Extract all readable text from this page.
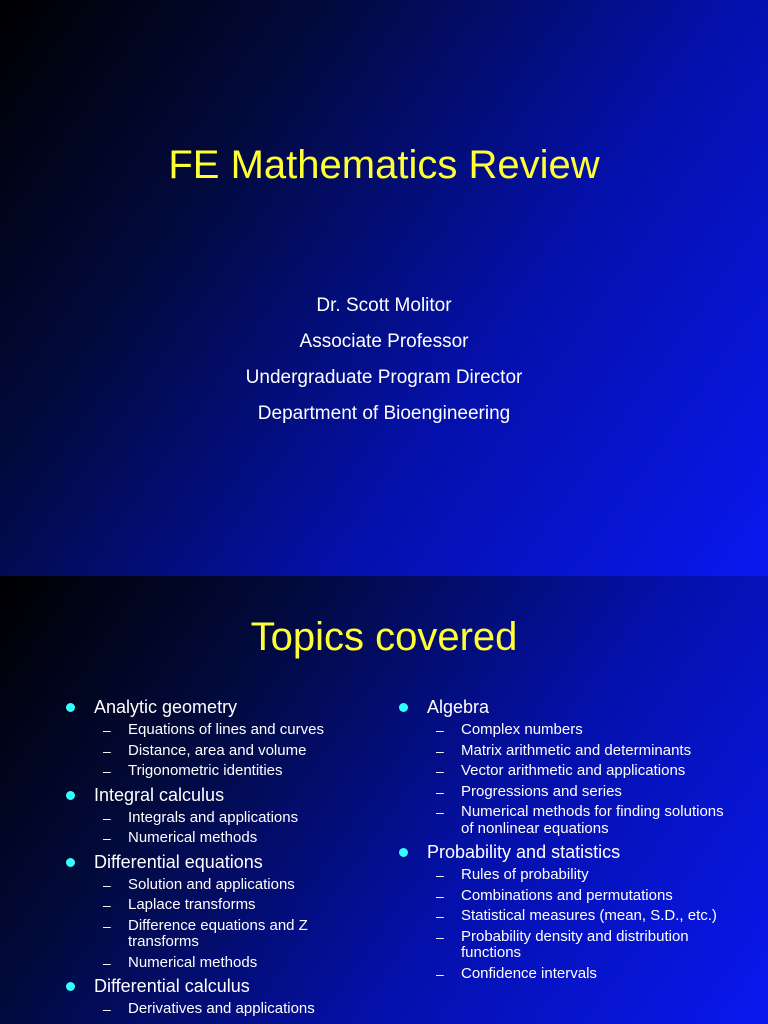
FE Mathematics Review
Dr. Scott Molitor
Associate Professor
Undergraduate Program Director
Department of Bioengineering
Topics covered
Analytic geometry
– Equations of lines and curves
– Distance, area and volume
– Trigonometric identities
Integral calculus
– Integrals and applications
– Numerical methods
Differential equations
– Solution and applications
– Laplace transforms
– Difference equations and Z transforms
– Numerical methods
Differential calculus
– Derivatives and applications
Algebra
– Complex numbers
– Matrix arithmetic and determinants
– Vector arithmetic and applications
– Progressions and series
– Numerical methods for finding solutions of nonlinear equations
Probability and statistics
– Rules of probability
– Combinations and permutations
– Statistical measures (mean, S.D., etc.)
– Probability density and distribution functions
– Confidence intervals
